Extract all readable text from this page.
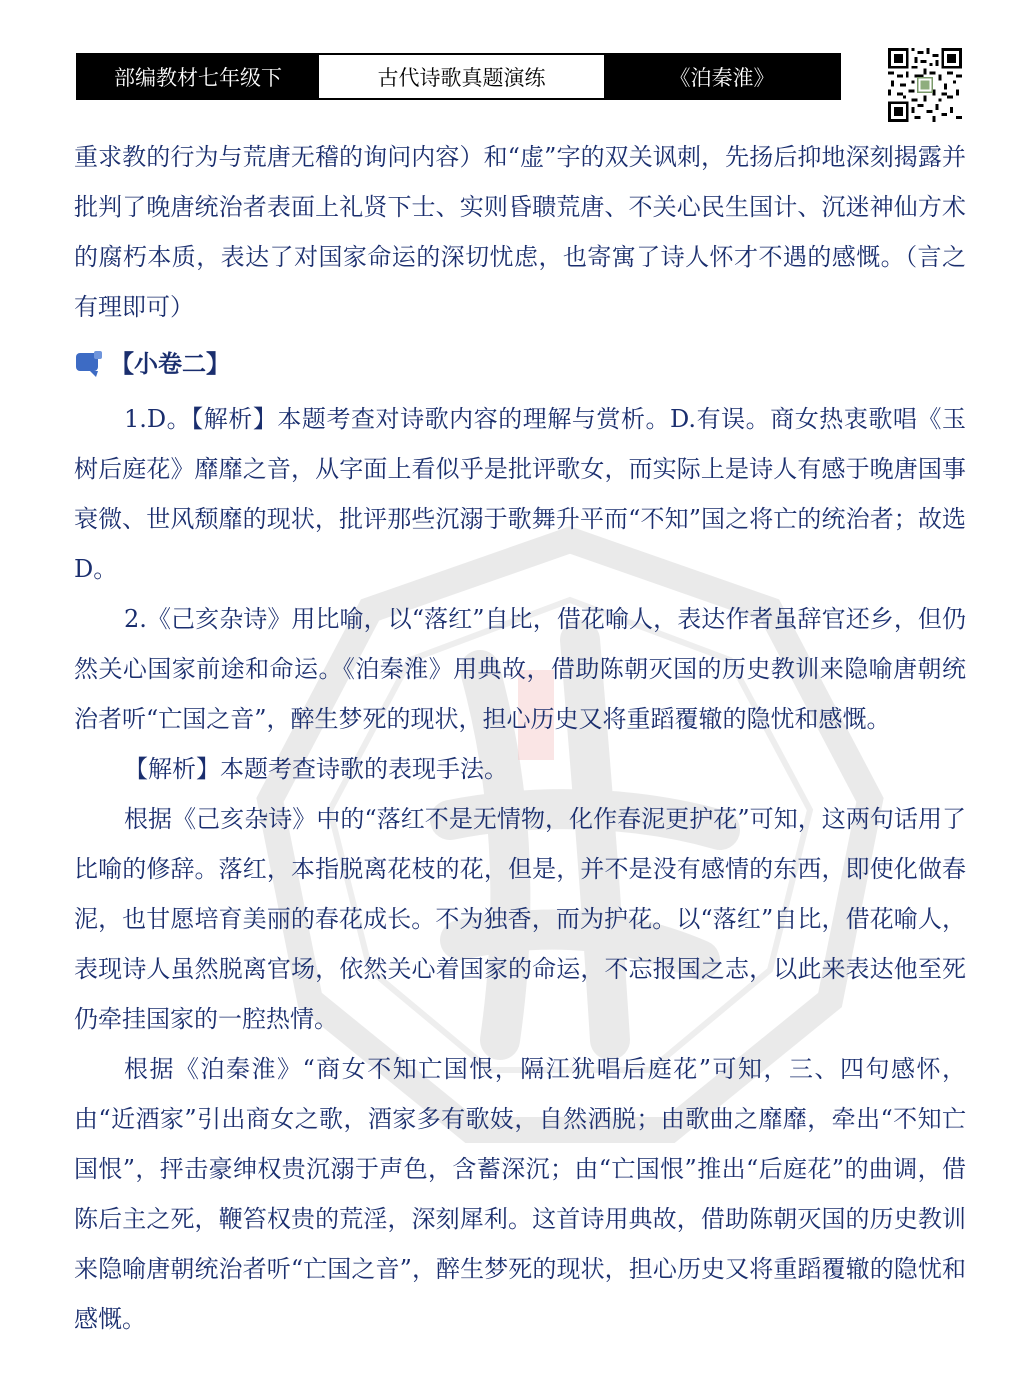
部编教材七年级下	古代诗歌真题演练	《泊秦淮》

重求教的行为与荒唐无稽的询问内容）和“虚”字的双关讽刺，先扬后抑地深刻揭露并批判了晚唐统治者表面上礼贤下士、实则昏聩荒唐、不关心民生国计、沉迷神仙方术的腐朽本质，表达了对国家命运的深切忧虑，也寄寓了诗人怀才不遇的感慨。（言之有理即可）

【小卷二】

1.D。【解析】本题考查对诗歌内容的理解与赏析。D.有误。商女热衷歌唱《玉树后庭花》靡靡之音，从字面上看似乎是批评歌女，而实际上是诗人有感于晚唐国事衰微、世风颓靡的现状，批评那些沉溺于歌舞升平而“不知”国之将亡的统治者；故选 D。

2.《己亥杂诗》用比喻，以“落红”自比，借花喻人，表达作者虽辞官还乡，但仍然关心国家前途和命运。《泊秦淮》用典故，借助陈朝灭国的历史教训来隐喻唐朝统治者听“亡国之音”，醉生梦死的现状，担心历史又将重蹈覆辙的隐忧和感慨。

【解析】本题考查诗歌的表现手法。

根据《己亥杂诗》中的“落红不是无情物，化作春泥更护花”可知，这两句话用了比喻的修辞。落红，本指脱离花枝的花，但是，并不是没有感情的东西，即使化做春泥，也甘愿培育美丽的春花成长。不为独香，而为护花。以“落红”自比，借花喻人，表现诗人虽然脱离官场，依然关心着国家的命运，不忘报国之志，以此来表达他至死仍牵挂国家的一腔热情。

根据《泊秦淮》“商女不知亡国恨，隔江犹唱后庭花”可知，三、四句感怀，由“近酒家”引出商女之歌，酒家多有歌妓，自然洒脱；由歌曲之靡靡，牵出“不知亡国恨”，抨击豪绅权贵沉溺于声色，含蓄深沉；由“亡国恨”推出“后庭花”的曲调，借陈后主之死，鞭笞权贵的荒淫，深刻犀利。这首诗用典故，借助陈朝灭国的历史教训来隐喻唐朝统治者听“亡国之音”，醉生梦死的现状，担心历史又将重蹈覆辙的隐忧和感慨。
